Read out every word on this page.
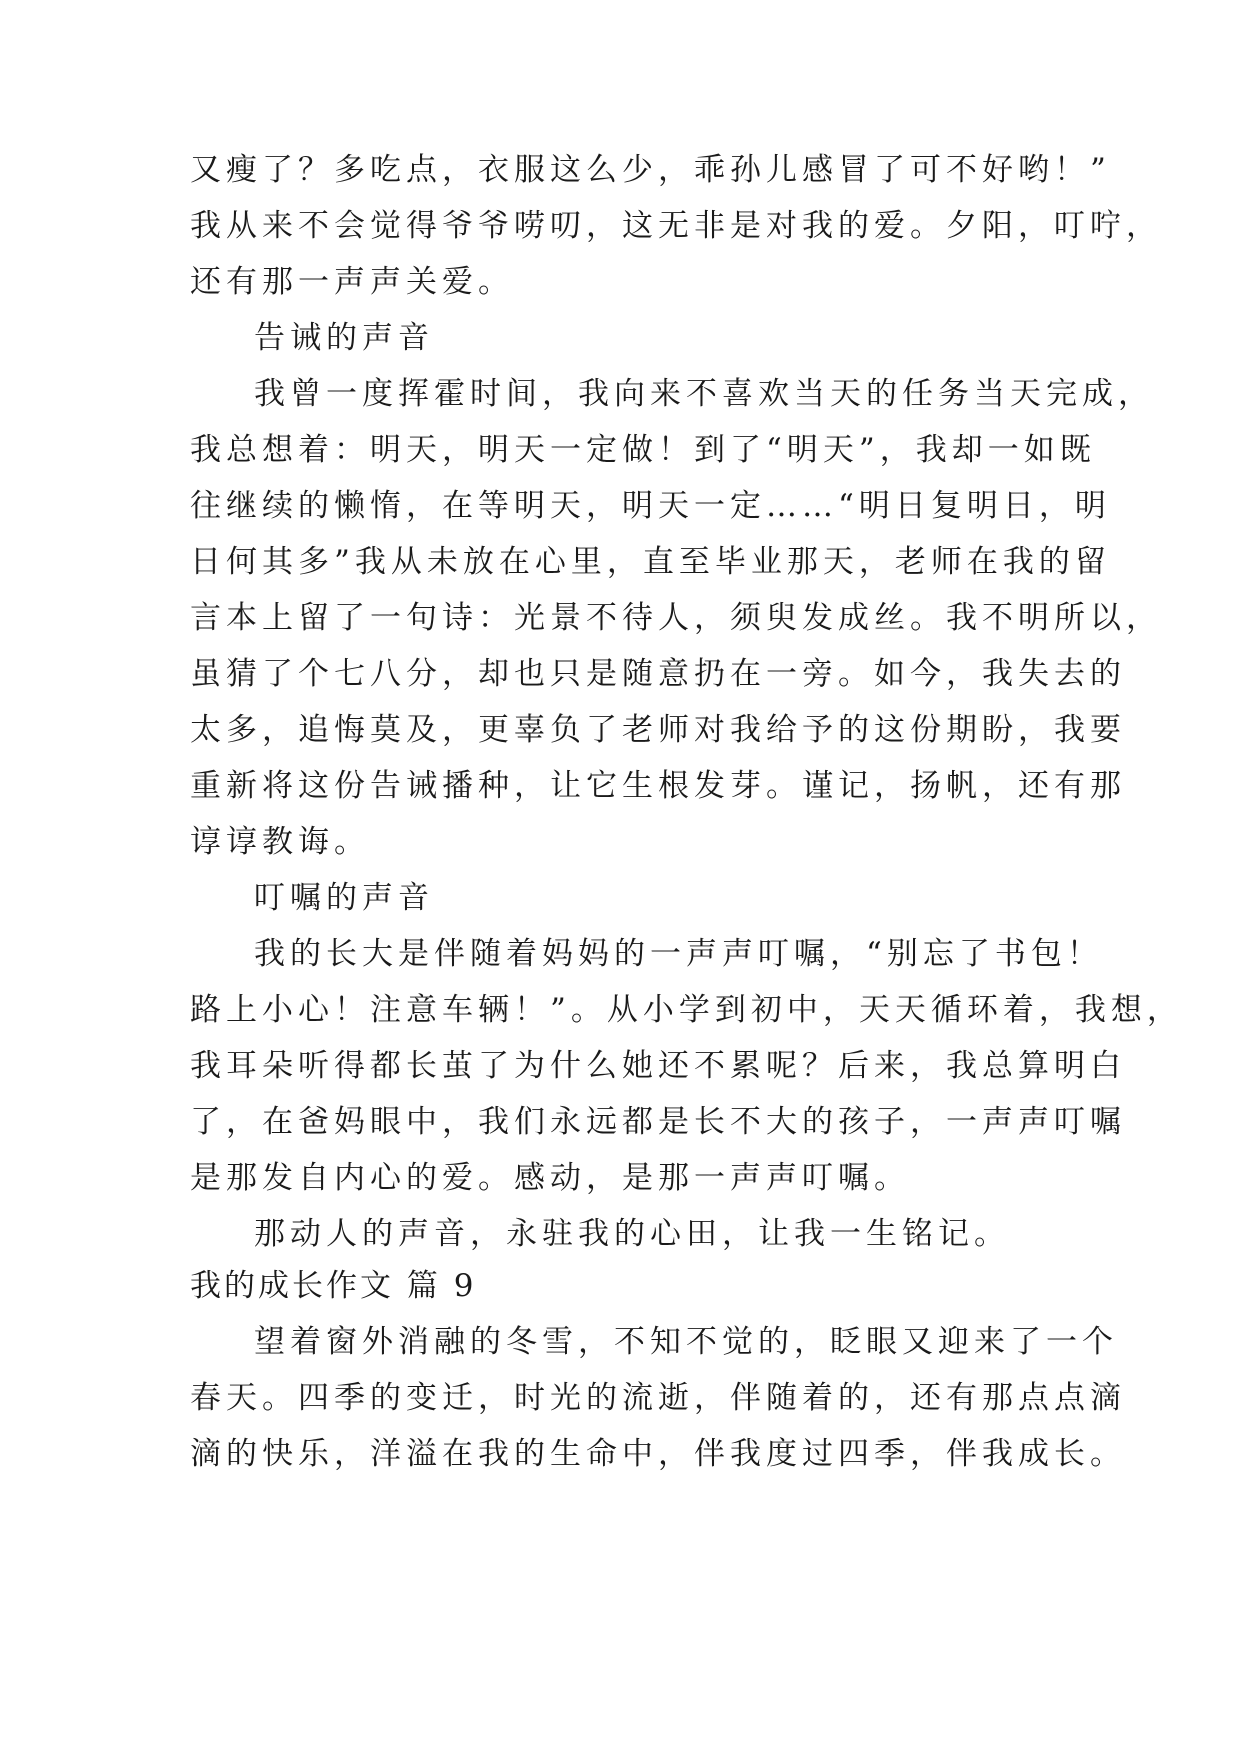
又瘦了？多吃点，衣服这么少，乖孙儿感冒了可不好哟！”
我从来不会觉得爷爷唠叨，这无非是对我的爱。夕阳，叮咛，
还有那一声声关爱。
告诫的声音
我曾一度挥霍时间，我向来不喜欢当天的任务当天完成，
我总想着：明天，明天一定做！到了“明天”，我却一如既
往继续的懒惰，在等明天，明天一定……“明日复明日，明
日何其多”我从未放在心里，直至毕业那天，老师在我的留
言本上留了一句诗：光景不待人，须臾发成丝。我不明所以，
虽猜了个七八分，却也只是随意扔在一旁。如今，我失去的
太多，追悔莫及，更辜负了老师对我给予的这份期盼，我要
重新将这份告诫播种，让它生根发芽。谨记，扬帆，还有那
谆谆教诲。
叮嘱的声音
我的长大是伴随着妈妈的一声声叮嘱，“别忘了书包！
路上小心！注意车辆！”。从小学到初中，天天循环着，我想，
我耳朵听得都长茧了为什么她还不累呢？后来，我总算明白
了，在爸妈眼中，我们永远都是长不大的孩子，一声声叮嘱
是那发自内心的爱。感动，是那一声声叮嘱。
那动人的声音，永驻我的心田，让我一生铭记。
我的成长作文 篇 9
望着窗外消融的冬雪，不知不觉的，眨眼又迎来了一个
春天。四季的变迁，时光的流逝，伴随着的，还有那点点滴
滴的快乐，洋溢在我的生命中，伴我度过四季，伴我成长。
